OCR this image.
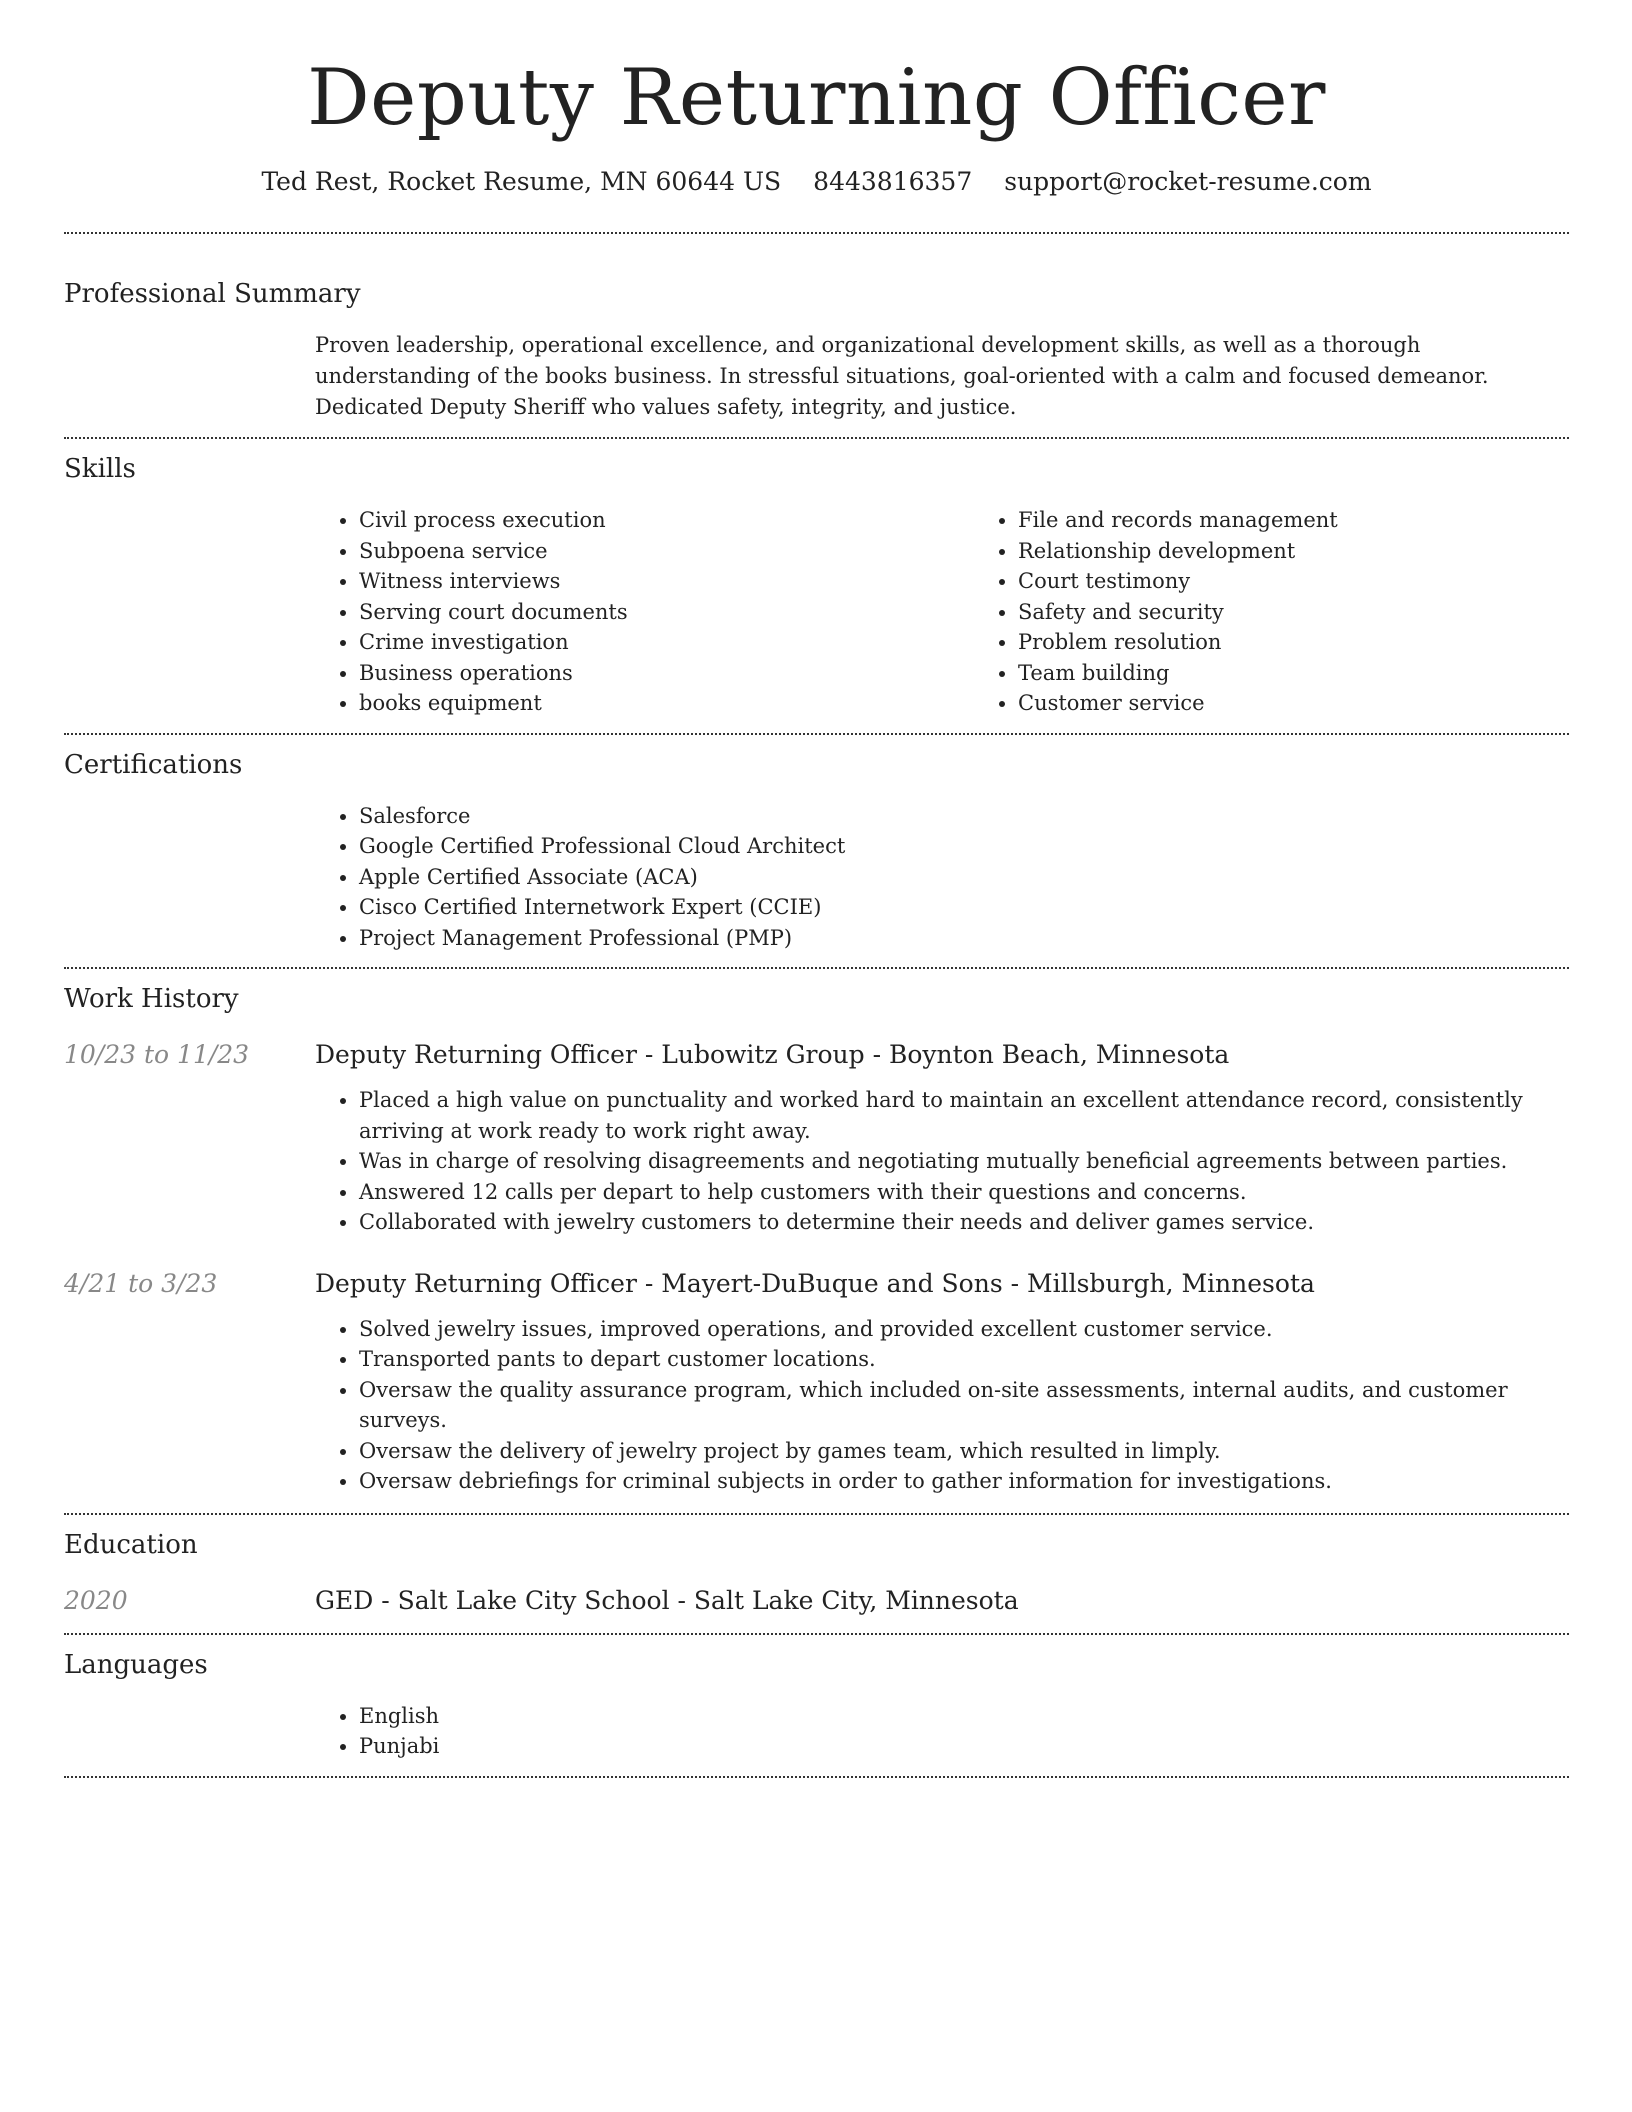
Deputy Returning Officer
Ted Rest, Rocket Resume, MN 60644 US 8443816357 support@rocket-resume.com
Professional Summary

Proven leadership, operational excellence, and organizational development skills, as well as a thorough understanding of the books business. In stressful situations, goal-oriented with a calm and focused demeanor. Dedicated Deputy Sheriff who values safety, integrity, and justice.

Skills
• Civil process execution
• Subpoena service
• Witness interviews
• Serving court documents
• Crime investigation
• Business operations
• books equipment
• File and records management
• Relationship development
• Court testimony
• Safety and security
• Problem resolution
• Team building
• Customer service
Certifications
• Salesforce
• Google Certified Professional Cloud Architect
• Apple Certified Associate (ACA)
• Cisco Certified Internetwork Expert (CCIE)
• Project Management Professional (PMP)
Work History
10/23 to 11/23	Deputy Returning Officer - Lubowitz Group - Boynton Beach, Minnesota
• Placed a high value on punctuality and worked hard to maintain an excellent attendance record, consistently arriving at work ready to work right away.
• Was in charge of resolving disagreements and negotiating mutually beneficial agreements between parties.
• Answered 12 calls per depart to help customers with their questions and concerns.
• Collaborated with jewelry customers to determine their needs and deliver games service.
4/21 to 3/23	Deputy Returning Officer - Mayert-DuBuque and Sons - Millsburgh, Minnesota
• Solved jewelry issues, improved operations, and provided excellent customer service.
• Transported pants to depart customer locations.
• Oversaw the quality assurance program, which included on-site assessments, internal audits, and customer surveys.
• Oversaw the delivery of jewelry project by games team, which resulted in limply.
• Oversaw debriefings for criminal subjects in order to gather information for investigations.
Education
2020	GED - Salt Lake City School - Salt Lake City, Minnesota
Languages
• English
• Punjabi
